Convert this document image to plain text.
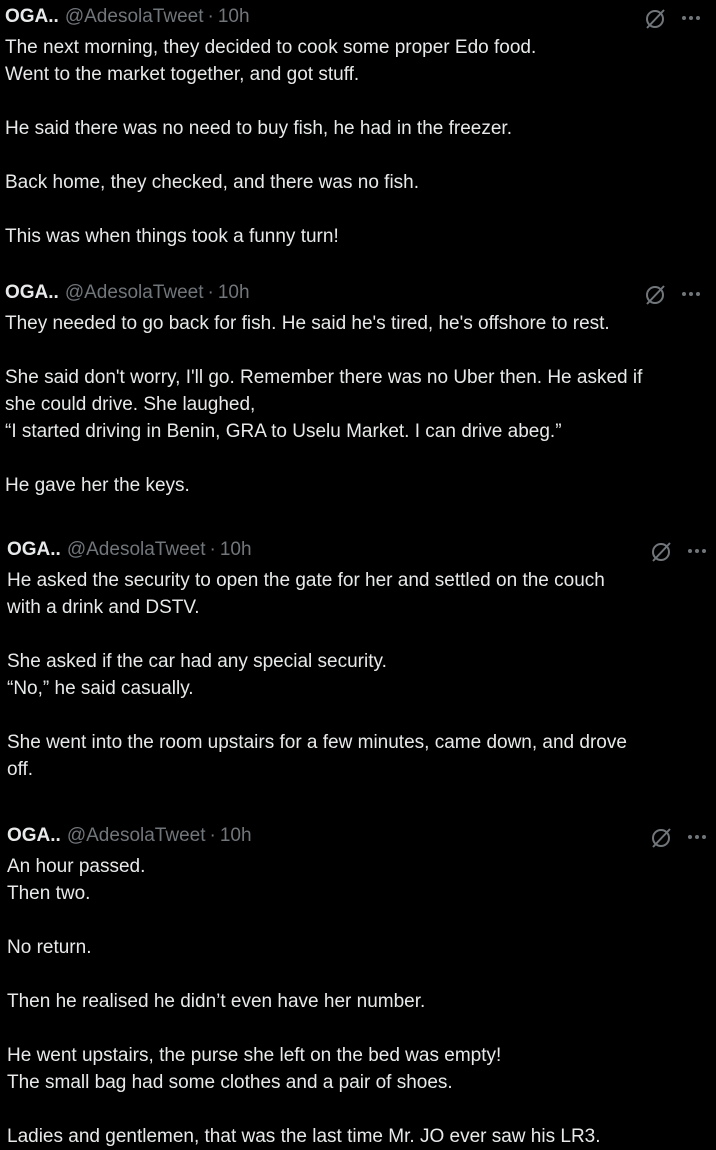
OGA.. @AdesolaTweet · 10h
The next morning, they decided to cook some proper Edo food.
Went to the market together, and got stuff.
He said there was no need to buy fish, he had in the freezer.
Back home, they checked, and there was no fish.
This was when things took a funny turn!
OGA.. @AdesolaTweet · 10h
They needed to go back for fish. He said he's tired, he's offshore to rest.
She said don't worry, I'll go. Remember there was no Uber then. He asked if
she could drive. She laughed,
“I started driving in Benin, GRA to Uselu Market. I can drive abeg.”
He gave her the keys.
OGA.. @AdesolaTweet · 10h
He asked the security to open the gate for her and settled on the couch
with a drink and DSTV.
She asked if the car had any special security.
“No,” he said casually.
She went into the room upstairs for a few minutes, came down, and drove
off.
OGA.. @AdesolaTweet · 10h
An hour passed.
Then two.
No return.
Then he realised he didn’t even have her number.
He went upstairs, the purse she left on the bed was empty!
The small bag had some clothes and a pair of shoes.
Ladies and gentlemen, that was the last time Mr. JO ever saw his LR3.
